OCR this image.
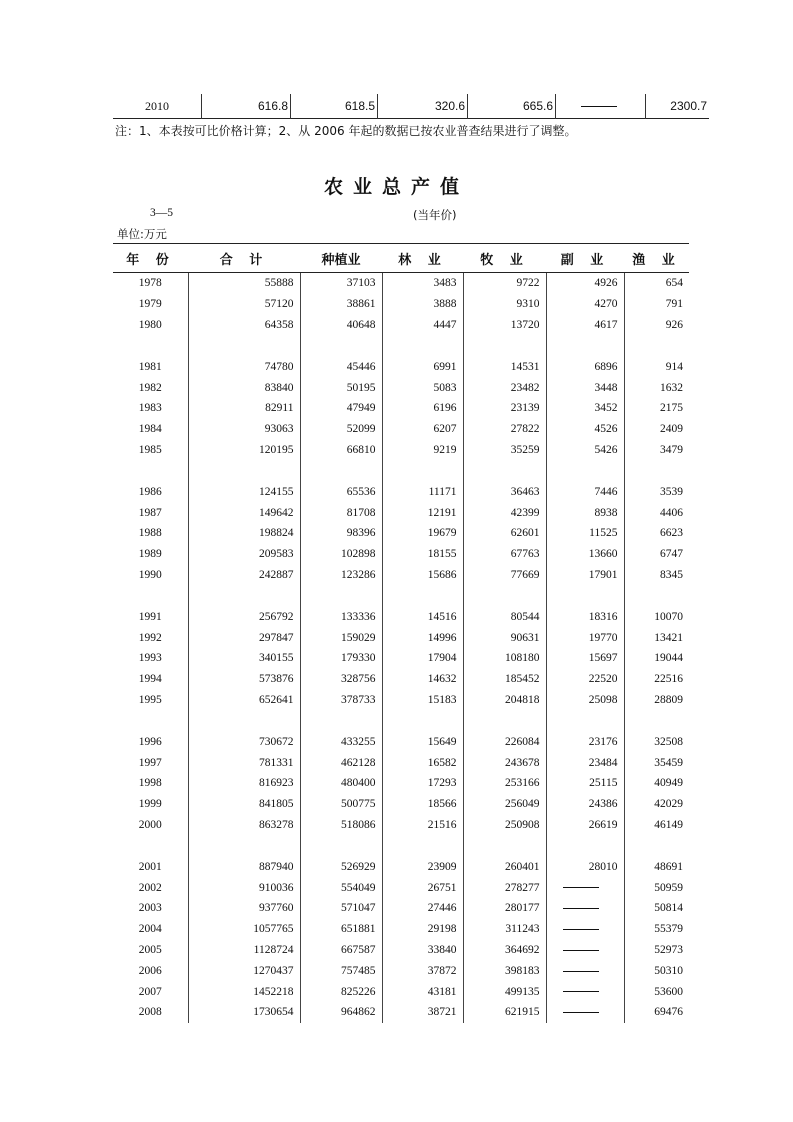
2010	616.8	618.5	320.6	665.6		2300.7
注：1、本表按可比价格计算；2、从 2006 年起的数据已按农业普查结果进行了调整。
农业总产值
3—5	(当年价)
单位:万元
年 份	合 计	种植业	林 业	牧 业	副 业	渔 业
1978	55888	37103	3483	9722	4926	654
1979	57120	38861	3888	9310	4270	791
1980	64358	40648	4447	13720	4617	926

1981	74780	45446	6991	14531	6896	914
1982	83840	50195	5083	23482	3448	1632
1983	82911	47949	6196	23139	3452	2175
1984	93063	52099	6207	27822	4526	2409
1985	120195	66810	9219	35259	5426	3479

1986	124155	65536	11171	36463	7446	3539
1987	149642	81708	12191	42399	8938	4406
1988	198824	98396	19679	62601	11525	6623
1989	209583	102898	18155	67763	13660	6747
1990	242887	123286	15686	77669	17901	8345

1991	256792	133336	14516	80544	18316	10070
1992	297847	159029	14996	90631	19770	13421
1993	340155	179330	17904	108180	15697	19044
1994	573876	328756	14632	185452	22520	22516
1995	652641	378733	15183	204818	25098	28809

1996	730672	433255	15649	226084	23176	32508
1997	781331	462128	16582	243678	23484	35459
1998	816923	480400	17293	253166	25115	40949
1999	841805	500775	18566	256049	24386	42029
2000	863278	518086	21516	250908	26619	46149

2001	887940	526929	23909	260401	28010	48691
2002	910036	554049	26751	278277		50959
2003	937760	571047	27446	280177		50814
2004	1057765	651881	29198	311243		55379
2005	1128724	667587	33840	364692		52973
2006	1270437	757485	37872	398183		50310
2007	1452218	825226	43181	499135		53600
2008	1730654	964862	38721	621915		69476
